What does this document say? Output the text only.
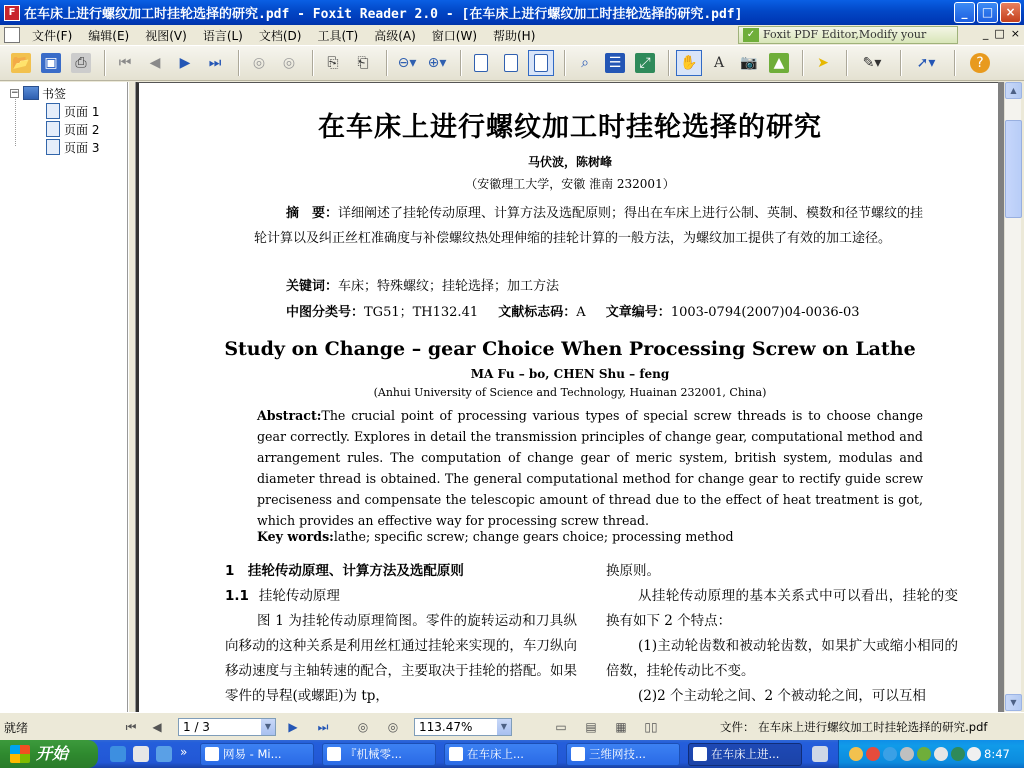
F 在车床上进行螺纹加工时挂轮选择的研究.pdf - Foxit Reader 2.0 - [在车床上进行螺纹加工时挂轮选择的研究.pdf]	_	□	×
文件(F)	编辑(E)	视图(V)	语言(L)	文档(D)	工具(T)	高级(A)	窗口(W)	帮助(H)	✓ Foxit PDF Editor,Modify your	_ □ ×
📂 ▣	⎙	⏮	◀	▶	⏭ ◎ ◎	⎘	⎗	⊖▾ ⊕▾	⌕	☰	⤢	✋	A	📷	▲	➤ ✎▾	➚▾	?
− 书签
页面 1
页面 2
页面 3
在车床上进行螺纹加工时挂轮选择的研究
马伏波，陈树峰
（安徽理工大学，安徽 淮南 232001）
摘　要：详细阐述了挂轮传动原理、计算方法及选配原则；得出在车床上进行公制、英制、模数和径节螺纹的挂轮计算以及纠正丝杠准确度与补偿螺纹热处理伸缩的挂轮计算的一般方法，为螺纹加工提供了有效的加工途径。
关键词：车床；特殊螺纹；挂轮选择；加工方法
中图分类号：TG51；TH132.41 文献标志码：A 文章编号：1003-0794(2007)04-0036-03
Study on Change – gear Choice When Processing Screw on Lathe
MA Fu – bo, CHEN Shu – feng
(Anhui University of Science and Technology, Huainan 232001, China)
Abstract:The crucial point of processing various types of special screw threads is to choose change gear correctly. Explores in detail the transmission principles of change gear, computational method and arrangement rules. The computation of change gear of meric system, british system, modulas and diameter thread is obtained. The general computational method for change gear to rectify guide screw preciseness and compensate the telescopic amount of thread due to the effect of heat treatment is got, which provides an effective way for processing screw thread.
Key words:lathe; specific screw; change gears choice; processing method
1　挂轮传动原理、计算方法及选配原则
1.1 挂轮传动原理
图 1 为挂轮传动原理简图。零件的旋转运动和刀具纵向移动的这种关系是利用丝杠通过挂轮来实现的，车刀纵向移动速度与主轴转速的配合，主要取决于挂轮的搭配。如果零件的导程(或螺距)为 tp，
换原则。
从挂轮传动原理的基本关系式中可以看出，挂轮的变换有如下 2 个特点：
(1)主动轮齿数和被动轮齿数，如果扩大或缩小相同的倍数，挂轮传动比不变。
(2)2 个主动轮之间、2 个被动轮之间，可以互相
▲
▼
就绪	⏮	◀	1 / 3	▼	▶	⏭	◎	◎	113.47%	▼	▭ ▤ ▦ ▯▯	文件： 在车床上进行螺纹加工时挂轮选择的研究.pdf
开始	»	网易 - Mi...	『机械零...	在车床上...	三维网技...	在车床上进...	8:47
